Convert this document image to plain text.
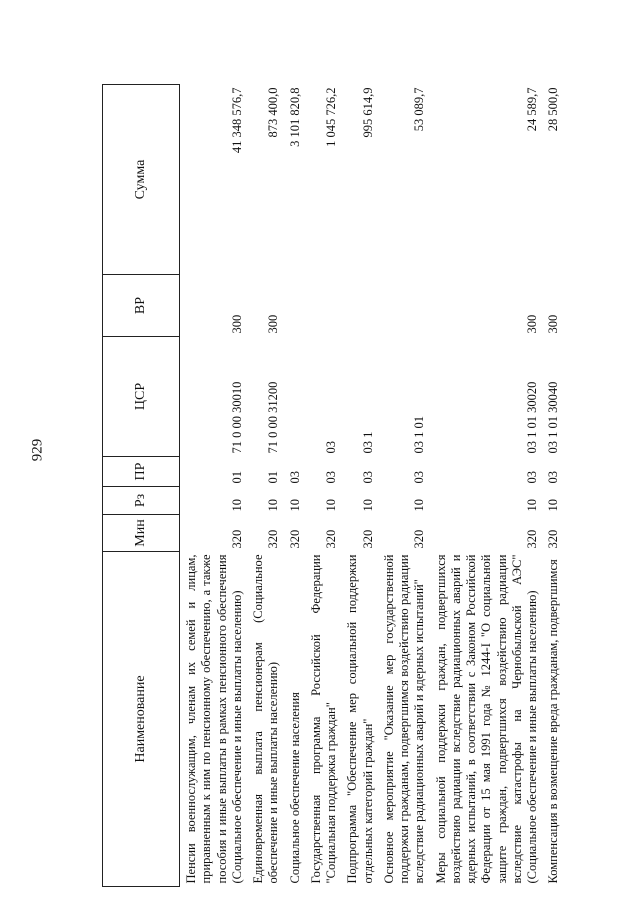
929
Наименование	Мин	Рз	ПР	ЦСР	ВР	Сумма
Пенсии военнослужащим, членам их семей и лицам, приравненным к ним по пенсионному обеспечению, а также пособия и иные выплаты в рамках пенсионного обеспечения (Социальное обеспечение и иные выплаты населению)	320	10	01	71 0 00 30010	300	41 348 576,7
Единовременная выплата пенсионерам (Социальное обеспечение и иные выплаты населению)	320	10	01	71 0 00 31200	300	873 400,0
Социальное обеспечение населения	320	10	03			3 101 820,8
Государственная программа Российской Федерации "Социальная поддержка граждан"	320	10	03	03		1 045 726,2
Подпрограмма "Обеспечение мер социальной поддержки отдельных категорий граждан"	320	10	03	03 1		995 614,9
Основное мероприятие "Оказание мер государственной поддержки гражданам, подвергшимся воздействию радиации вследствие радиационных аварий и ядерных испытаний"	320	10	03	03 1 01		53 089,7
Меры социальной поддержки граждан, подвергшихся воздействию радиации вследствие радиационных аварий и ядерных испытаний, в соответствии с Законом Российской Федерации от 15 мая 1991 года № 1244-I "О социальной защите граждан, подвергшихся воздействию радиации вследствие катастрофы на Чернобыльской АЭС" (Социальное обеспечение и иные выплаты населению)	320	10	03	03 1 01 30020	300	24 589,7
Компенсация в возмещение вреда гражданам, подвергшимся	320	10	03	03 1 01 30040	300	28 500,0
